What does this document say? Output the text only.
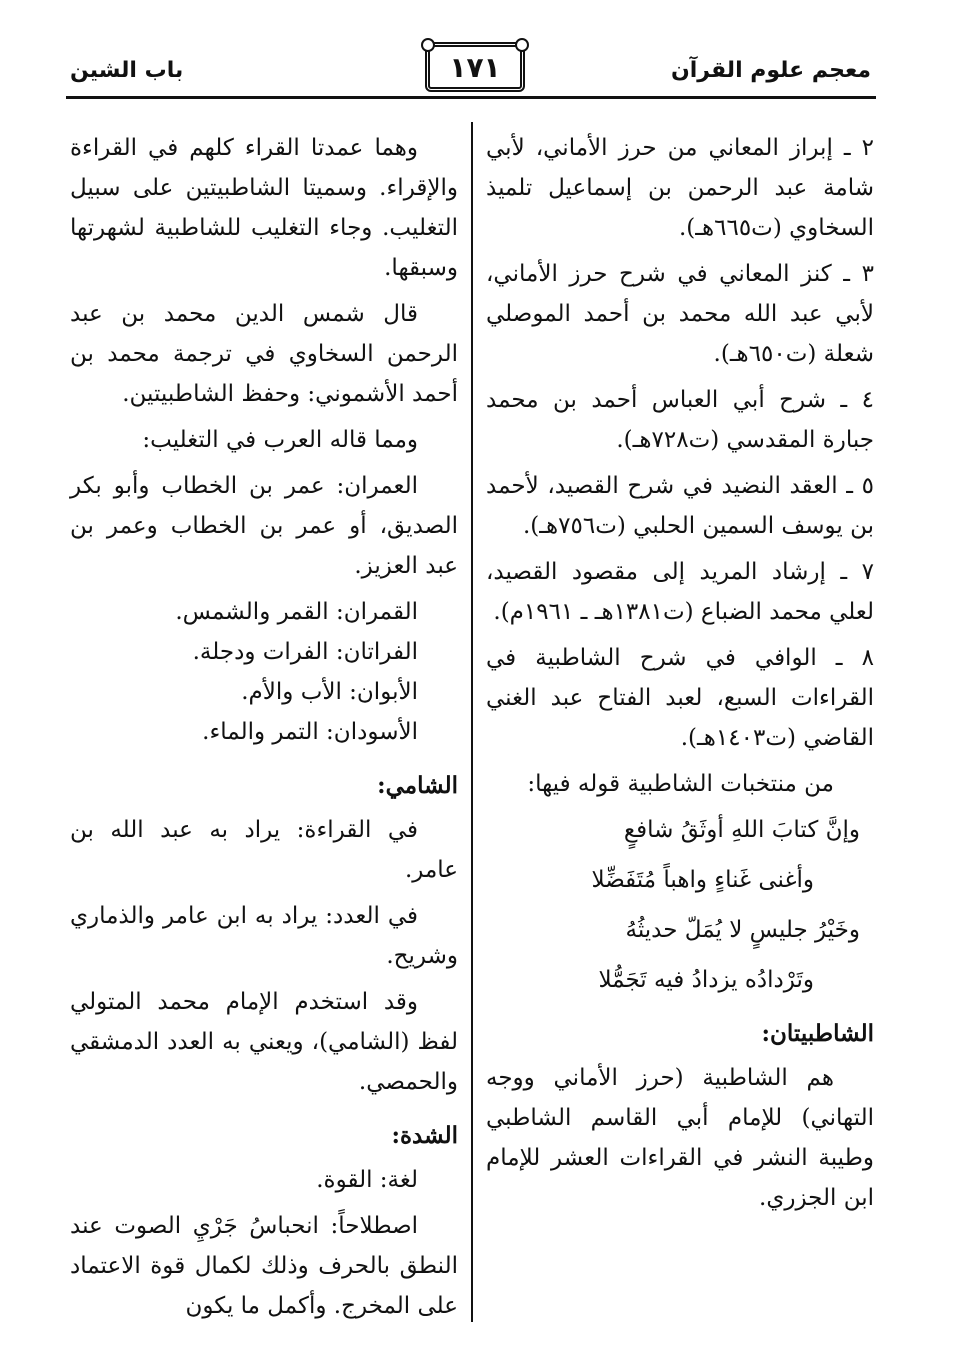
معجم علوم القرآن
١٧١
باب الشين

٢ ـ إبراز المعاني من حرز الأماني، لأبي شامة عبد الرحمن بن إسماعيل تلميذ السخاوي (ت٦٦٥هـ).

٣ ـ كنز المعاني في شرح حرز الأماني، لأبي عبد الله محمد بن أحمد الموصلي شعلة (ت٦٥٠هـ).

٤ ـ شرح أبي العباس أحمد بن محمد جبارة المقدسي (ت٧٢٨هـ).

٥ ـ العقد النضيد في شرح القصيد، لأحمد بن يوسف السمين الحلبي (ت٧٥٦هـ).

٧ ـ إرشاد المريد إلى مقصود القصيد، لعلي محمد الضباع (ت١٣٨١هـ ـ ١٩٦١م).

٨ ـ الوافي في شرح الشاطبية في القراءات السبع، لعبد الفتاح عبد الغني القاضي (ت١٤٠٣هـ).

من منتخبات الشاطبية قوله فيها:

وإنَّ كتابَ اللهِ أوثَقُ شافعٍ

وأغنى غَناءٍ واهباً مُتَفَضِّلا

وخَيْرُ جليسٍ لا يُمَلّ حديثُهُ

وتَرْدادُه يزدادُ فيه تَجَمُّلا

الشاطبيتان:

هم الشاطبية (حرز الأماني ووجه التهاني) للإمام أبي القاسم الشاطبي وطيبة النشر في القراءات العشر للإمام ابن الجزري.

وهما عمدتا القراء كلهم في القراءة والإقراء. وسميتا الشاطبيتين على سبيل التغليب. وجاء التغليب للشاطبية لشهرتها وسبقها.

قال شمس الدين محمد بن عبد الرحمن السخاوي في ترجمة محمد بن أحمد الأشموني: وحفظ الشاطبيتين.

ومما قاله العرب في التغليب:

العمران: عمر بن الخطاب وأبو بكر الصديق، أو عمر بن الخطاب وعمر بن عبد العزيز.

القمران: القمر والشمس.

الفراتان: الفرات ودجلة.

الأبوان: الأب والأم.

الأسودان: التمر والماء.

الشامي:

في القراءة: يراد به عبد الله بن عامر.

في العدد: يراد به ابن عامر والذماري وشريح.

وقد استخدم الإمام محمد المتولي لفظ (الشامي)، ويعني به العدد الدمشقي والحمصي.

الشدة:

لغة: القوة.

اصطلاحاً: انحباسُ جَرْيِ الصوت عند النطق بالحرف وذلك لكمال قوة الاعتماد على المخرج. وأكمل ما يكون
